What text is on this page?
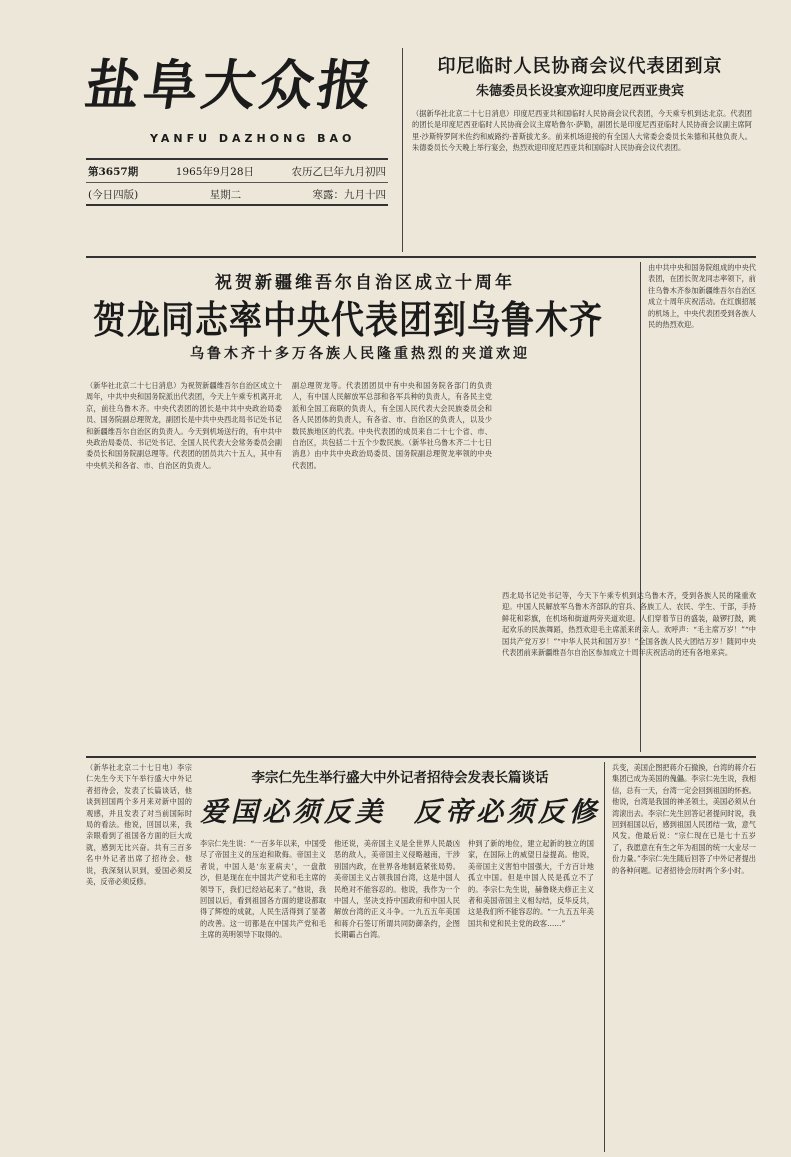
盐阜大众报
YANFU DAZHONG BAO
第3657期	1965年9月28日	农历乙巳年九月初四
(今日四版)	星期二	寒露：九月十四
印尼临时人民协商会议代表团到京
朱德委员长设宴欢迎印度尼西亚贵宾
（据新华社北京二十七日消息）印度尼西亚共和国临时人民协商会议代表团，今天乘专机到达北京。代表团的团长是印度尼西亚临时人民协商会议主席哈鲁尔·萨勒，副团长是印度尼西亚临时人民协商会议副主席阿里·沙斯特罗阿米佐约和威路约·普斯拔尤多。前来机场迎接的有全国人大常委会委员长朱德和其他负责人。朱德委员长今天晚上举行宴会，热烈欢迎印度尼西亚共和国临时人民协商会议代表团。
祝贺新疆维吾尔自治区成立十周年
贺龙同志率中央代表团到乌鲁木齐
乌鲁木齐十多万各族人民隆重热烈的夹道欢迎
由中共中央和国务院组成的中央代表团，在团长贺龙同志率领下，前往乌鲁木齐参加新疆维吾尔自治区成立十周年庆祝活动。在红旗招展的机场上，中央代表团受到各族人民的热烈欢迎。
（新华社北京二十七日消息）为祝贺新疆维吾尔自治区成立十周年，中共中央和国务院派出代表团，今天上午乘专机离开北京，前往乌鲁木齐。中央代表团的团长是中共中央政治局委员、国务院副总理贺龙，副团长是中共中央西北局书记处书记和新疆维吾尔自治区的负责人。今天到机场送行的，有中共中央政治局委员、书记处书记、全国人民代表大会常务委员会副委员长和国务院副总理等。代表团的团员共六十五人，其中有中央机关和各省、市、自治区的负责人。
副总理贺龙等。代表团团员中有中央和国务院各部门的负责人，有中国人民解放军总部和各军兵种的负责人，有各民主党派和全国工商联的负责人，有全国人民代表大会民族委员会和各人民团体的负责人，有各省、市、自治区的负责人，以及少数民族地区的代表。中央代表团的成员来自二十七个省、市、自治区，共包括二十五个少数民族。（新华社乌鲁木齐二十七日消息）由中共中央政治局委员、国务院副总理贺龙率领的中央代表团。
西北局书记处书记等，今天下午乘专机到达乌鲁木齐，受到各族人民的隆重欢迎。中国人民解放军乌鲁木齐部队的官兵、各族工人、农民、学生、干部，手持鲜花和彩旗，在机场和街道两旁夹道欢迎。人们穿着节日的盛装，敲锣打鼓，跳起欢乐的民族舞蹈，热烈欢迎毛主席派来的亲人。欢呼声：“毛主席万岁！”“中国共产党万岁！”“中华人民共和国万岁！”全国各族人民大团结万岁！随同中央代表团前来新疆维吾尔自治区参加成立十周年庆祝活动的还有各地来宾。
李宗仁先生举行盛大中外记者招待会发表长篇谈话
爱国必须反美 反帝必须反修
（新华社北京二十七日电）李宗仁先生今天下午举行盛大中外记者招待会，发表了长篇谈话，他谈到回国两个多月来对新中国的观感，并且发表了对当前国际时局的看法。他说，回国以来，我亲眼看到了祖国各方面的巨大成就，感到无比兴奋。共有三百多名中外记者出席了招待会。他说，我深刻认识到，爱国必须反美，反帝必须反修。
李宗仁先生说：“一百多年以来，中国受尽了帝国主义的压迫和欺侮。帝国主义者说，中国人是‘东亚病夫’，一盘散沙，但是现在在中国共产党和毛主席的领导下，我们已经站起来了。”他说，我回国以后，看到祖国各方面的建设都取得了辉煌的成就，人民生活得到了显著的改善。这一切都是在中国共产党和毛主席的英明领导下取得的。
他还说，美帝国主义是全世界人民最凶恶的敌人，美帝国主义侵略越南，干涉别国内政，在世界各地制造紧张局势。美帝国主义占领我国台湾，这是中国人民绝对不能容忍的。他说，我作为一个中国人，坚决支持中国政府和中国人民解放台湾的正义斗争。一九五五年美国和蒋介石签订所谓共同防御条约，企图长期霸占台湾。
仲到了新的地位，建立起新的独立的国家，在国际上的威望日益提高。他说，美帝国主义害怕中国强大，千方百计地孤立中国。但是中国人民是孤立不了的。李宗仁先生说，赫鲁晓夫修正主义者和美国帝国主义相勾结，反华反共，这是我们所不能容忍的。“一九五五年美国共和党和民主党的政客……”
兵变，美国企图把蒋介石撤换，台湾的蒋介石集团已成为美国的傀儡。李宗仁先生说，我相信，总有一天，台湾一定会回到祖国的怀抱。他说，台湾是我国的神圣领土，美国必须从台湾滚出去。李宗仁先生回答记者提问时说，我回到祖国以后，感到祖国人民团结一致，意气风发。他最后说：“宗仁现在已是七十五岁了，我愿意在有生之年为祖国的统一大业尽一份力量。”李宗仁先生随后回答了中外记者提出的各种问题。记者招待会历时两个多小时。
